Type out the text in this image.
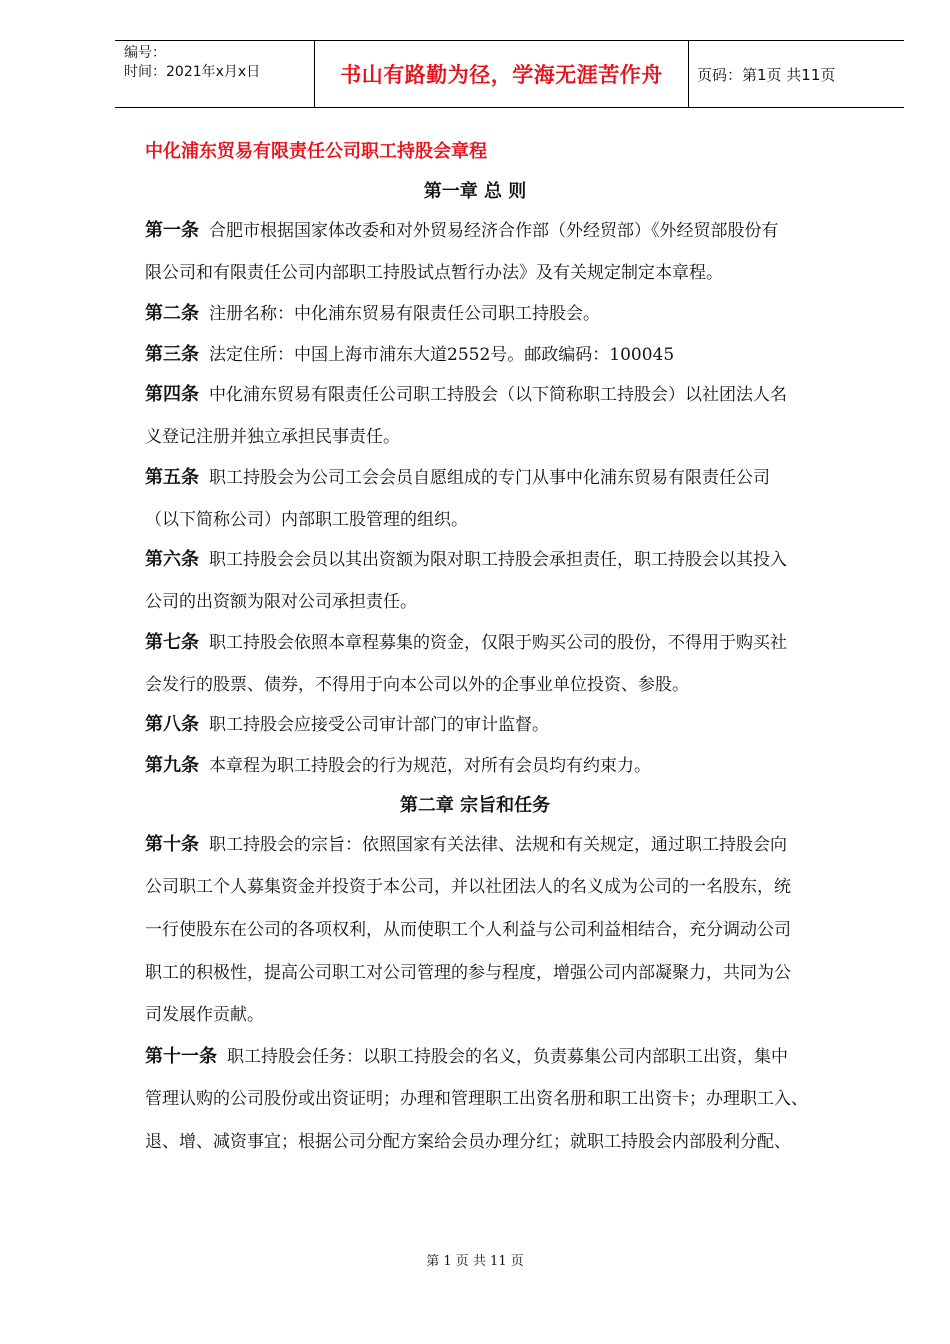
编号：
时间：2021年x月x日	书山有路勤为径，学海无涯苦作舟	页码：第1页 共11页
中化浦东贸易有限责任公司职工持股会章程
第一章 总 则
第一条 合肥市根据国家体改委和对外贸易经济合作部（外经贸部）《外经贸部股份有
限公司和有限责任公司内部职工持股试点暂行办法》及有关规定制定本章程。
第二条 注册名称：中化浦东贸易有限责任公司职工持股会。
第三条 法定住所：中国上海市浦东大道2552号。邮政编码：100045
第四条 中化浦东贸易有限责任公司职工持股会（以下简称职工持股会）以社团法人名
义登记注册并独立承担民事责任。
第五条 职工持股会为公司工会会员自愿组成的专门从事中化浦东贸易有限责任公司
（以下简称公司）内部职工股管理的组织。
第六条 职工持股会会员以其出资额为限对职工持股会承担责任，职工持股会以其投入
公司的出资额为限对公司承担责任。
第七条 职工持股会依照本章程募集的资金，仅限于购买公司的股份，不得用于购买社
会发行的股票、债券，不得用于向本公司以外的企事业单位投资、参股。
第八条 职工持股会应接受公司审计部门的审计监督。
第九条 本章程为职工持股会的行为规范，对所有会员均有约束力。
第二章 宗旨和任务
第十条 职工持股会的宗旨：依照国家有关法律、法规和有关规定，通过职工持股会向
公司职工个人募集资金并投资于本公司，并以社团法人的名义成为公司的一名股东，统
一行使股东在公司的各项权利，从而使职工个人利益与公司利益相结合，充分调动公司
职工的积极性，提高公司职工对公司管理的参与程度，增强公司内部凝聚力，共同为公
司发展作贡献。
第十一条 职工持股会任务：以职工持股会的名义，负责募集公司内部职工出资，集中
管理认购的公司股份或出资证明；办理和管理职工出资名册和职工出资卡；办理职工入、
退、增、减资事宜；根据公司分配方案给会员办理分红；就职工持股会内部股利分配、
第 1 页 共 11 页
